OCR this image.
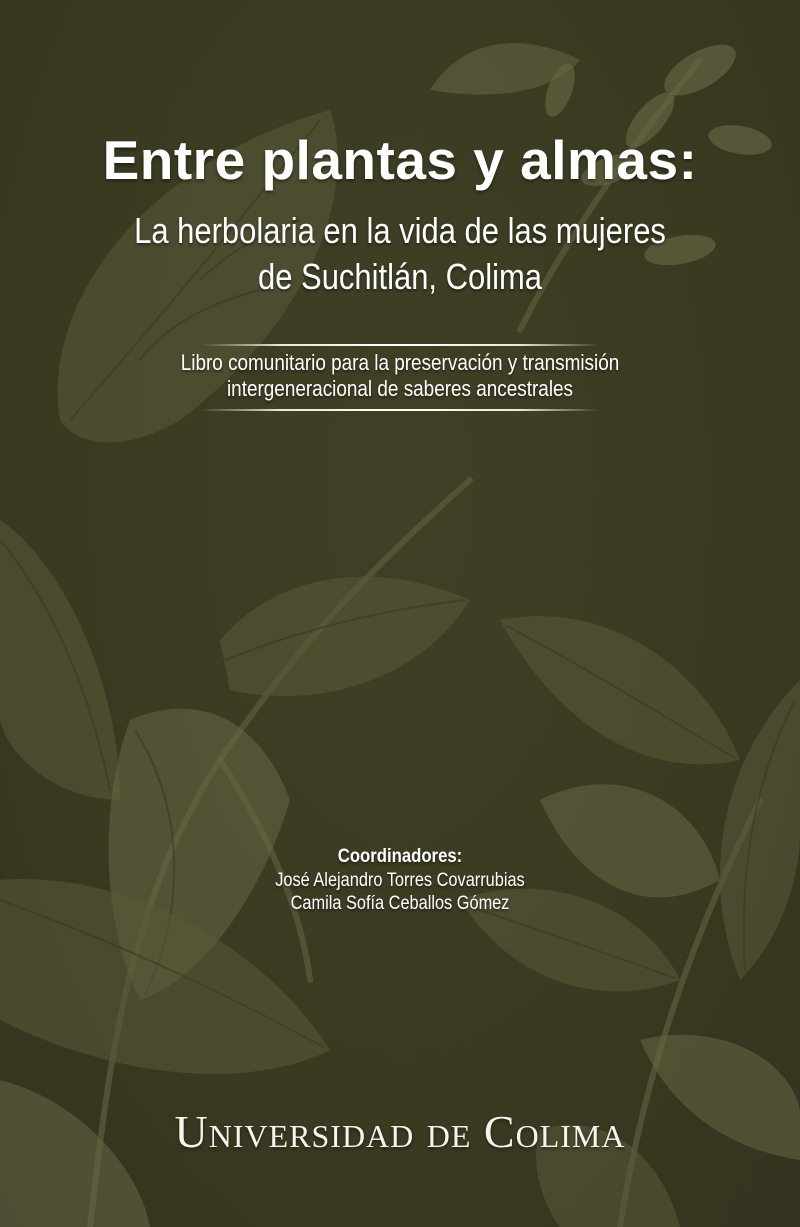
Entre plantas y almas:
La herbolaria en la vida de las mujeres
de Suchitlán, Colima
Libro comunitario para la preservación y transmisión
intergeneracional de saberes ancestrales
Coordinadores:
José Alejandro Torres Covarrubias
Camila Sofía Ceballos Gómez
Universidad de Colima
